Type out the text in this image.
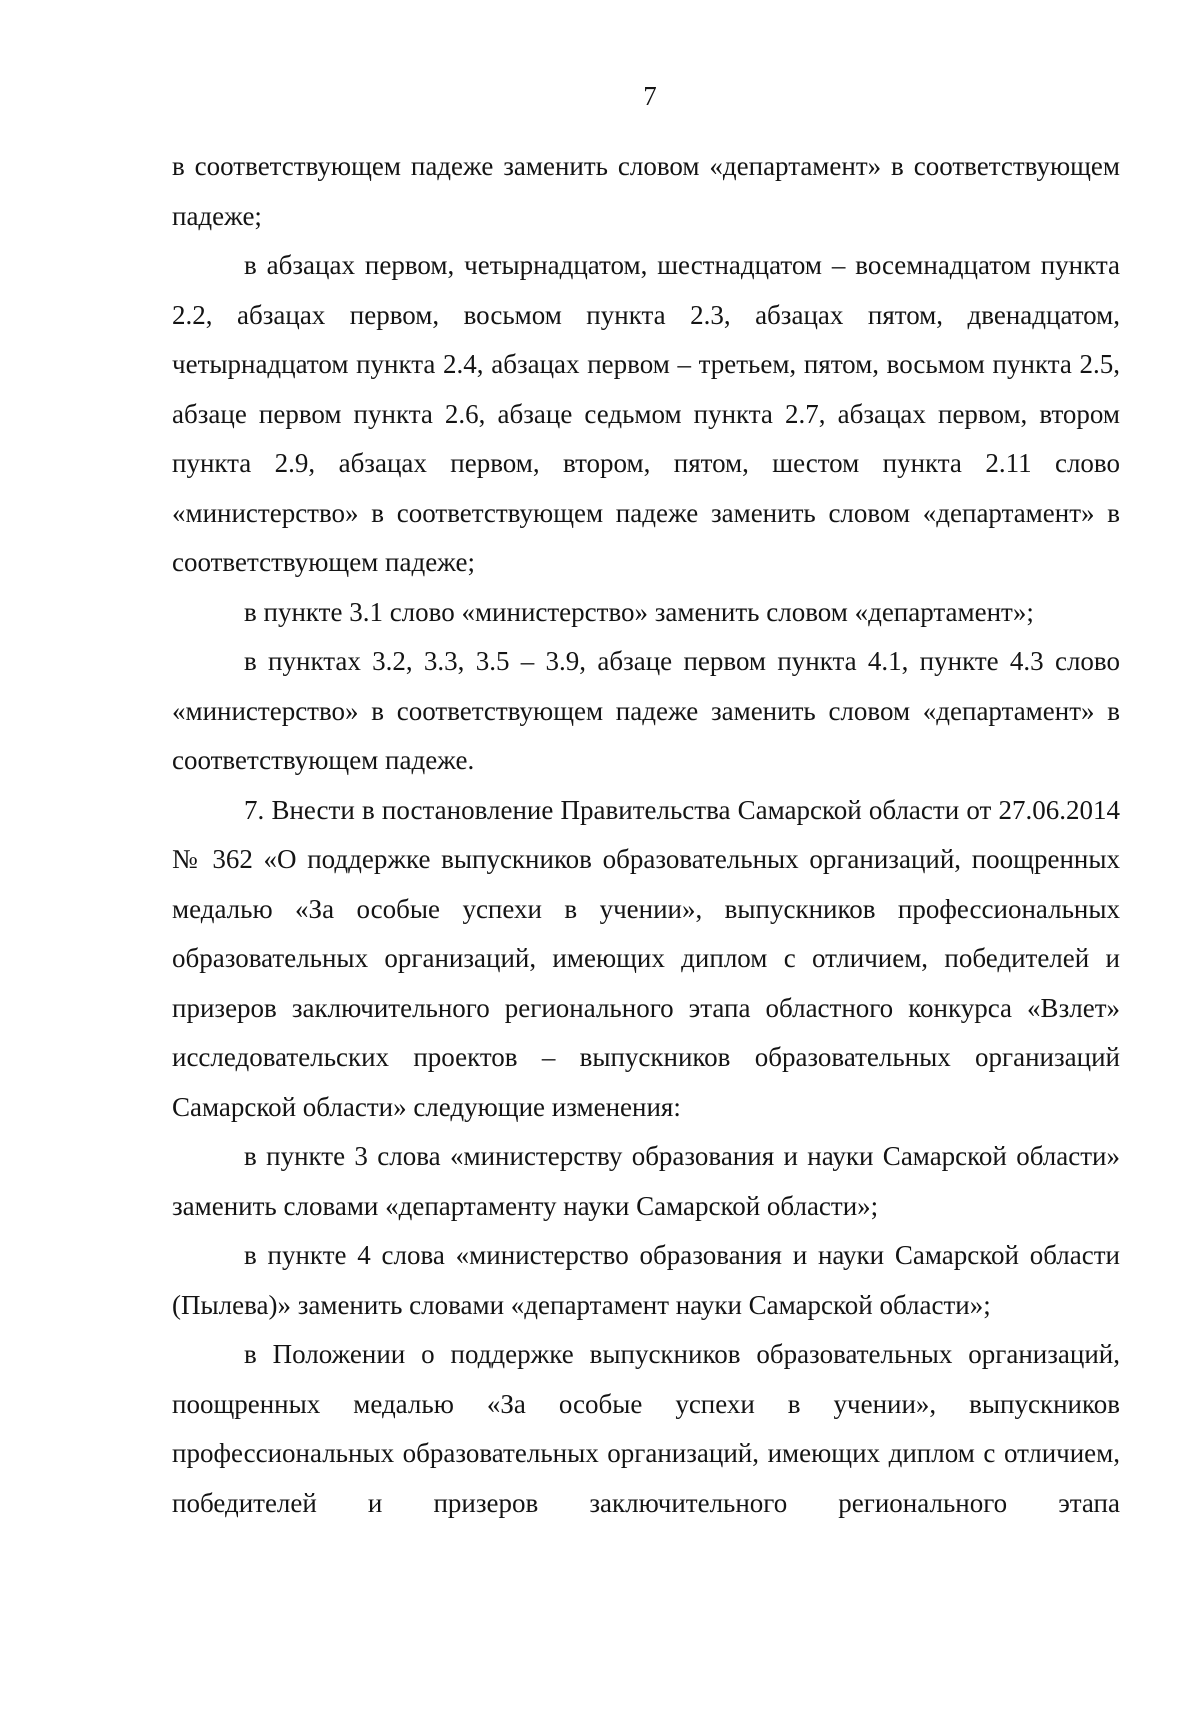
7

в соответствующем падеже заменить словом «департамент» в соответствующем падеже;

в абзацах первом, четырнадцатом, шестнадцатом – восемнадцатом пункта 2.2, абзацах первом, восьмом пункта 2.3, абзацах пятом, двенадцатом, четырнадцатом пункта 2.4, абзацах первом – третьем, пятом, восьмом пункта 2.5, абзаце первом пункта 2.6, абзаце седьмом пункта 2.7, абзацах первом, втором пункта 2.9, абзацах первом, втором, пятом, шестом пункта 2.11 слово «министерство» в соответствующем падеже заменить словом «департамент» в соответствующем падеже;

в пункте 3.1 слово «министерство» заменить словом «департамент»;

в пунктах 3.2, 3.3, 3.5 – 3.9, абзаце первом пункта 4.1, пункте 4.3 слово «министерство» в соответствующем падеже заменить словом «департамент» в соответствующем падеже.

7. Внести в постановление Правительства Самарской области от 27.06.2014 № 362 «О поддержке выпускников образовательных организаций, поощренных медалью «За особые успехи в учении», выпускников профессиональных образовательных организаций, имеющих диплом с отличием, победителей и призеров заключительного регионального этапа областного конкурса «Взлет» исследовательских проектов – выпускников образовательных организаций Самарской области» следующие изменения:

в пункте 3 слова «министерству образования и науки Самарской области» заменить словами «департаменту науки Самарской области»;

в пункте 4 слова «министерство образования и науки Самарской области (Пылева)» заменить словами «департамент науки Самарской области»;

в Положении о поддержке выпускников образовательных организаций, поощренных медалью «За особые успехи в учении», выпускников профессиональных образовательных организаций, имеющих диплом с отличием, победителей и призеров заключительного регионального этапа
